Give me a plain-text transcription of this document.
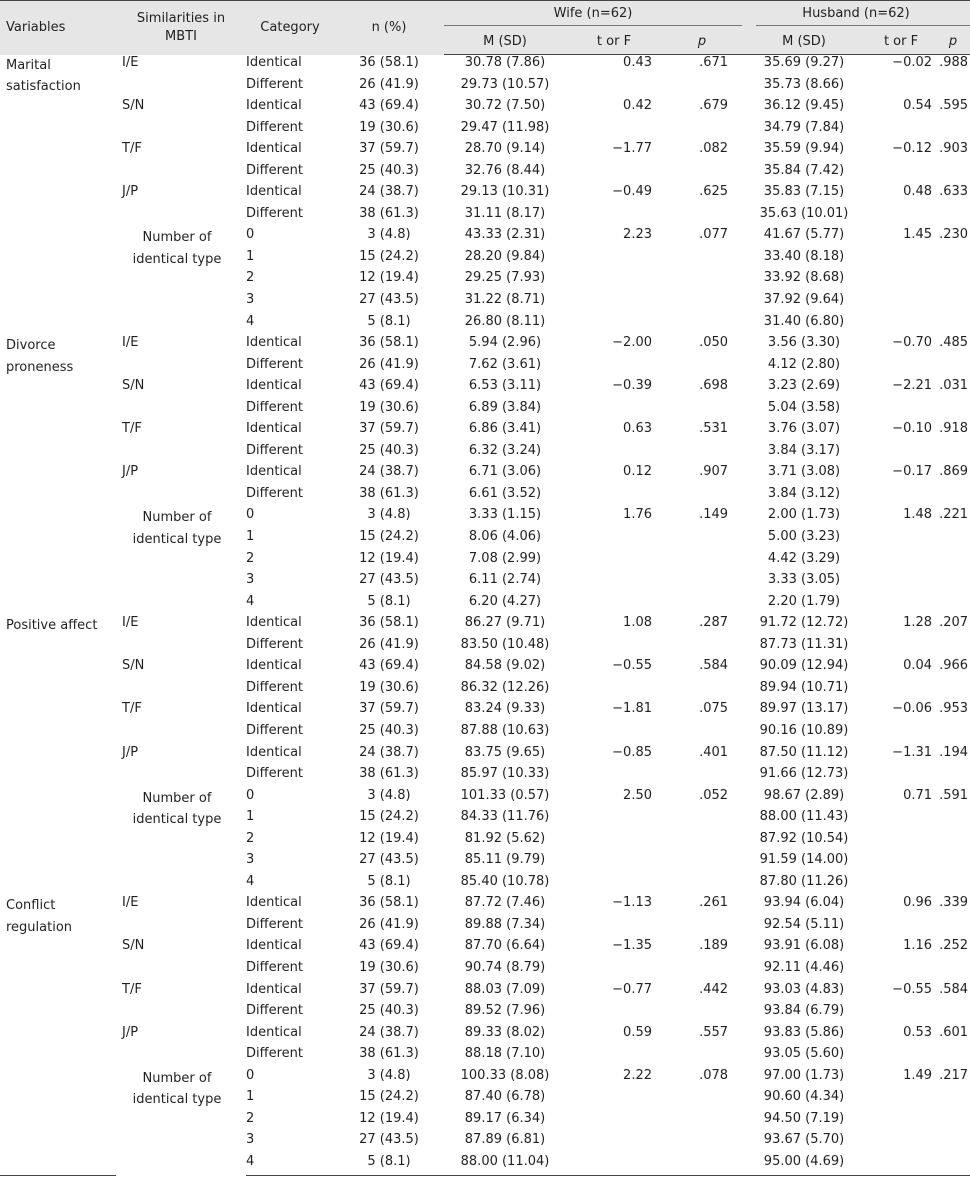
Variables	Similarities in MBTI	Category	n (%)	Wife (n=62)			Husband (n=62)		

				M (SD)	t or F	p	M (SD)	t or F	p
Marital satisfaction	I/E	Identical	36 (58.1)	30.78 (7.86)	0.43	.671	35.69 (9.27)	−0.02	.988
		Different	26 (41.9)	29.73 (10.57)			35.73 (8.66)		
	S/N	Identical	43 (69.4)	30.72 (7.50)	0.42	.679	36.12 (9.45)	0.54	.595
		Different	19 (30.6)	29.47 (11.98)			34.79 (7.84)		
	T/F	Identical	37 (59.7)	28.70 (9.14)	−1.77	.082	35.59 (9.94)	−0.12	.903
		Different	25 (40.3)	32.76 (8.44)			35.84 (7.42)		
	J/P	Identical	24 (38.7)	29.13 (10.31)	−0.49	.625	35.83 (7.15)	0.48	.633
		Different	38 (61.3)	31.11 (8.17)			35.63 (10.01)		
	Number of identical type	0	3 (4.8)	43.33 (2.31)	2.23	.077	41.67 (5.77)	1.45	.230
		1	15 (24.2)	28.20 (9.84)			33.40 (8.18)		
		2	12 (19.4)	29.25 (7.93)			33.92 (8.68)		
		3	27 (43.5)	31.22 (8.71)			37.92 (9.64)		
		4	5 (8.1)	26.80 (8.11)			31.40 (6.80)		
Divorce proneness	I/E	Identical	36 (58.1)	5.94 (2.96)	−2.00	.050	3.56 (3.30)	−0.70	.485
		Different	26 (41.9)	7.62 (3.61)			4.12 (2.80)		
	S/N	Identical	43 (69.4)	6.53 (3.11)	−0.39	.698	3.23 (2.69)	−2.21	.031
		Different	19 (30.6)	6.89 (3.84)			5.04 (3.58)		
	T/F	Identical	37 (59.7)	6.86 (3.41)	0.63	.531	3.76 (3.07)	−0.10	.918
		Different	25 (40.3)	6.32 (3.24)			3.84 (3.17)		
	J/P	Identical	24 (38.7)	6.71 (3.06)	0.12	.907	3.71 (3.08)	−0.17	.869
		Different	38 (61.3)	6.61 (3.52)			3.84 (3.12)		
	Number of identical type	0	3 (4.8)	3.33 (1.15)	1.76	.149	2.00 (1.73)	1.48	.221
		1	15 (24.2)	8.06 (4.06)			5.00 (3.23)		
		2	12 (19.4)	7.08 (2.99)			4.42 (3.29)		
		3	27 (43.5)	6.11 (2.74)			3.33 (3.05)		
		4	5 (8.1)	6.20 (4.27)			2.20 (1.79)		
Positive affect	I/E	Identical	36 (58.1)	86.27 (9.71)	1.08	.287	91.72 (12.72)	1.28	.207
		Different	26 (41.9)	83.50 (10.48)			87.73 (11.31)		
	S/N	Identical	43 (69.4)	84.58 (9.02)	−0.55	.584	90.09 (12.94)	0.04	.966
		Different	19 (30.6)	86.32 (12.26)			89.94 (10.71)		
	T/F	Identical	37 (59.7)	83.24 (9.33)	−1.81	.075	89.97 (13.17)	−0.06	.953
		Different	25 (40.3)	87.88 (10.63)			90.16 (10.89)		
	J/P	Identical	24 (38.7)	83.75 (9.65)	−0.85	.401	87.50 (11.12)	−1.31	.194
		Different	38 (61.3)	85.97 (10.33)			91.66 (12.73)		
	Number of identical type	0	3 (4.8)	101.33 (0.57)	2.50	.052	98.67 (2.89)	0.71	.591
		1	15 (24.2)	84.33 (11.76)			88.00 (11.43)		
		2	12 (19.4)	81.92 (5.62)			87.92 (10.54)		
		3	27 (43.5)	85.11 (9.79)			91.59 (14.00)		
		4	5 (8.1)	85.40 (10.78)			87.80 (11.26)		
Conflict regulation	I/E	Identical	36 (58.1)	87.72 (7.46)	−1.13	.261	93.94 (6.04)	0.96	.339
		Different	26 (41.9)	89.88 (7.34)			92.54 (5.11)		
	S/N	Identical	43 (69.4)	87.70 (6.64)	−1.35	.189	93.91 (6.08)	1.16	.252
		Different	19 (30.6)	90.74 (8.79)			92.11 (4.46)		
	T/F	Identical	37 (59.7)	88.03 (7.09)	−0.77	.442	93.03 (4.83)	−0.55	.584
		Different	25 (40.3)	89.52 (7.96)			93.84 (6.79)		
	J/P	Identical	24 (38.7)	89.33 (8.02)	0.59	.557	93.83 (5.86)	0.53	.601
		Different	38 (61.3)	88.18 (7.10)			93.05 (5.60)		
	Number of identical type	0	3 (4.8)	100.33 (8.08)	2.22	.078	97.00 (1.73)	1.49	.217
		1	15 (24.2)	87.40 (6.78)			90.60 (4.34)		
		2	12 (19.4)	89.17 (6.34)			94.50 (7.19)		
		3	27 (43.5)	87.89 (6.81)			93.67 (5.70)		
		4	5 (8.1)	88.00 (11.04)			95.00 (4.69)		
